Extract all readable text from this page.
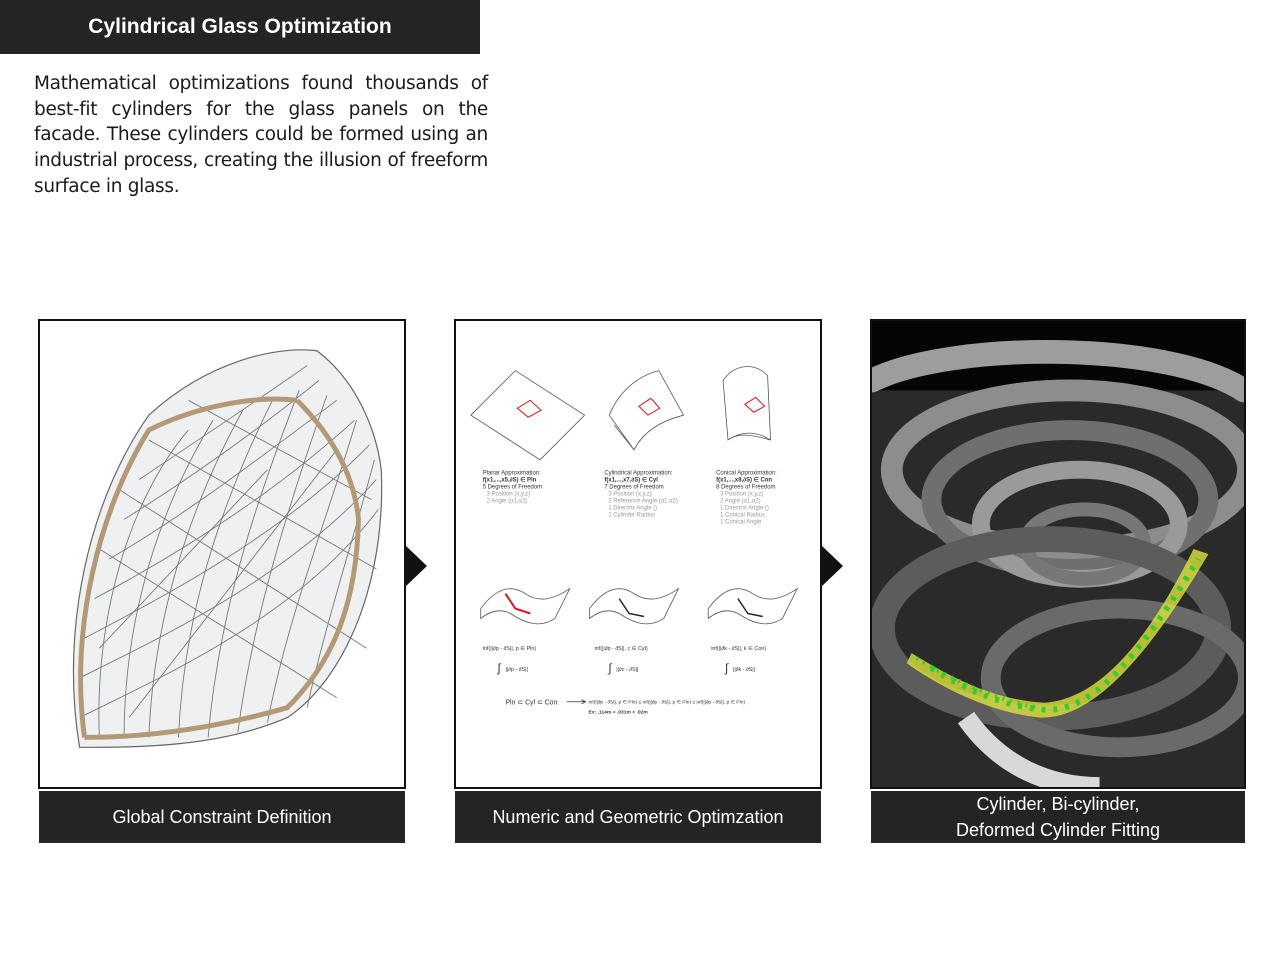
Cylindrical Glass Optimization
Mathematical optimizations found thousands of best-fit cylinders for the glass panels on the facade. These cylinders could be formed using an industrial process, creating the illusion of freeform surface in glass.
Planar Approximation:
f(x1,...,x5,∂S) ∈ Pln
5 Degrees of Freedom
3 Position (x,y,z)
2 Angle (α1,α2)
Cylindrical Approximation:
f(x1,...,x7,∂S) ∈ Cyl
7 Degrees of Freedom
3 Position (x,y,z)
2 Reference Angle (α1,α2)
1 Directrix Angle ()
1 Cylinder Radius
Conical Approximation:
f(x1,...,x8,∂S) ∈ Con
8 Degrees of Freedom
3 Position (x,y,z)
2 Angle (α1,α2)
1 Directrix Angle ()
1 Conical Radius
1 Conical Angle
inf(||∂p - ∂S||, p ∈ Pln)	inf(||∂p - ∂S||, c ∈ Cyl)	inf(||∂k - ∂S||, k ∈ Con)
∫ ||∂p - ∂S||	∫ ||∂c - ∂S||	∫ ||∂k - ∂S||
Pln ⊂ Cyl ⊂ Con	inf(||∂p - ∂S||, p ∈ Pln) ≤ inf(||∂p - ∂S||, p ∈ Pln) ≤ inf(||∂p - ∂S||, p ∈ Pln)
Ex: .114m < .031m < .02m
Global Constraint Definition	Numeric and Geometric Optimzation
Cylinder, Bi-cylinder,
Deformed Cylinder Fitting
